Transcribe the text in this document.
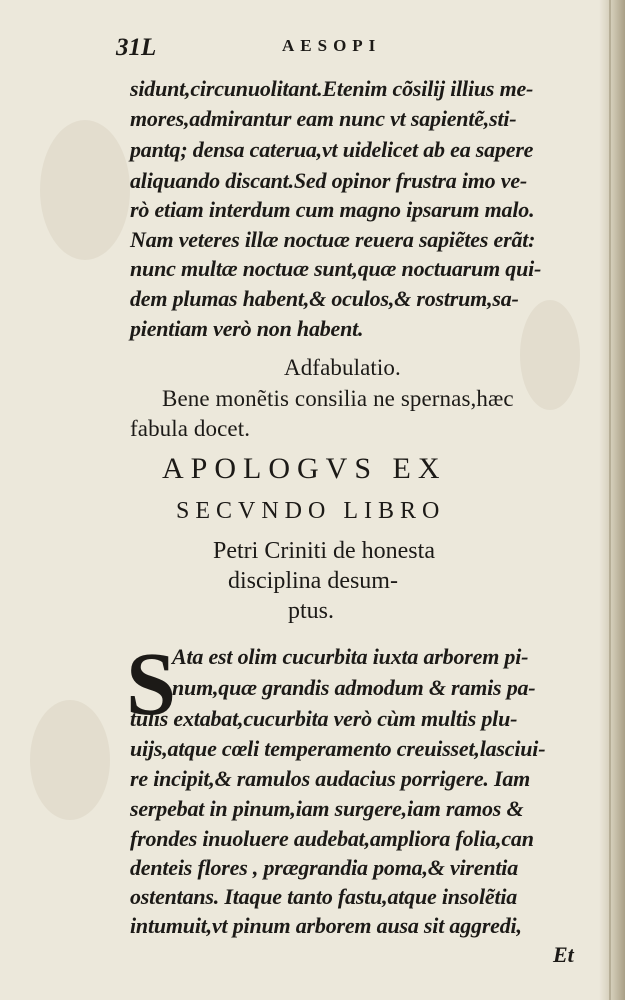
31L	AESOPI
sidunt,circunuolitant.Etenim cõsilij illius me-
mores,admirantur eam nunc vt sapientẽ,sti-
pantq; densa caterua,vt uidelicet ab ea sapere
aliquando discant.Sed opinor frustra imo ve-
rò etiam interdum cum magno ipsarum malo.
Nam veteres illæ noctuæ reuera sapiẽtes erãt:
nunc multæ noctuæ sunt,quæ noctuarum qui-
dem plumas habent,& oculos,& rostrum,sa-
pientiam verò non habent.
Adfabulatio.
Bene monẽtis consilia ne spernas,hæc
fabula docet.
APOLOGVS EX
SECVNDO LIBRO
Petri Criniti de honesta
disciplina desum-
ptus.
S
Ata est olim cucurbita iuxta arborem pi-
num,quæ grandis admodum & ramis pa-
tulis extabat,cucurbita verò cùm multis plu-
uijs,atque cœli temperamento creuisset,lasciui-
re incipit,& ramulos audacius porrigere. Iam
serpebat in pinum,iam surgere,iam ramos &
frondes inuoluere audebat,ampliora folia,can
denteis flores , prægrandia poma,& virentia
ostentans. Itaque tanto fastu,atque insolẽtia
intumuit,vt pinum arborem ausa sit aggredi,
Et
